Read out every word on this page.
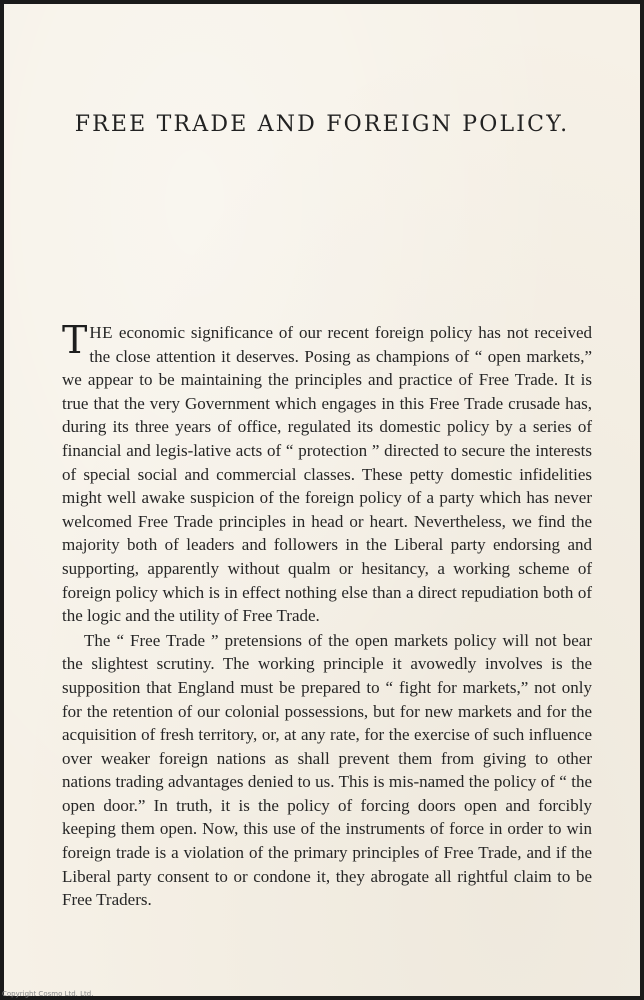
FREE TRADE AND FOREIGN POLICY.

THE economic significance of our recent foreign policy has not received the close attention it deserves. Posing as champions of “ open markets,” we appear to be maintaining the principles and practice of Free Trade. It is true that the very Government which engages in this Free Trade crusade has, during its three years of office, regulated its domestic policy by a series of financial and legis-lative acts of “ protection ” directed to secure the interests of special social and commercial classes. These petty domestic infidelities might well awake suspicion of the foreign policy of a party which has never welcomed Free Trade principles in head or heart. Nevertheless, we find the majority both of leaders and followers in the Liberal party endorsing and supporting, apparently without qualm or hesitancy, a working scheme of foreign policy which is in effect nothing else than a direct repudiation both of the logic and the utility of Free Trade.

The “ Free Trade ” pretensions of the open markets policy will not bear the slightest scrutiny. The working principle it avowedly involves is the supposition that England must be prepared to “ fight for markets,” not only for the retention of our colonial possessions, but for new markets and for the acquisition of fresh territory, or, at any rate, for the exercise of such influence over weaker foreign nations as shall prevent them from giving to other nations trading advantages denied to us. This is mis-named the policy of “ the open door.” In truth, it is the policy of forcing doors open and forcibly keeping them open. Now, this use of the instruments of force in order to win foreign trade is a violation of the primary principles of Free Trade, and if the Liberal party consent to or condone it, they abrogate all rightful claim to be Free Traders.

Copyright Cosmo Ltd. Ltd.
